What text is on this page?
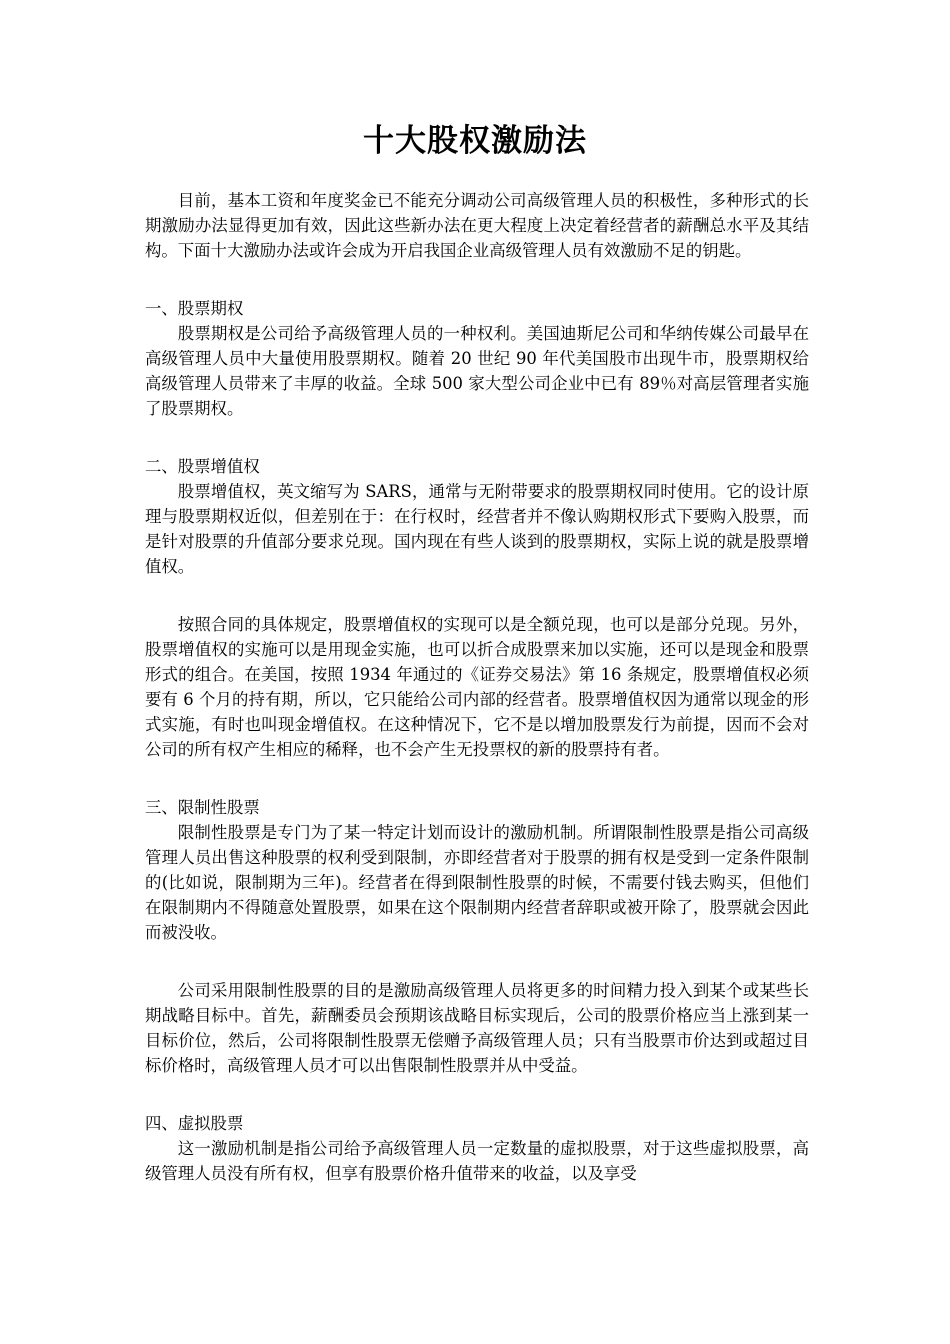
十大股权激励法

目前，基本工资和年度奖金已不能充分调动公司高级管理人员的积极性，多种形式的长期激励办法显得更加有效，因此这些新办法在更大程度上决定着经营者的薪酬总水平及其结构。下面十大激励办法或许会成为开启我国企业高级管理人员有效激励不足的钥匙。

一、股票期权

股票期权是公司给予高级管理人员的一种权利。美国迪斯尼公司和华纳传媒公司最早在高级管理人员中大量使用股票期权。随着 20 世纪 90 年代美国股市出现牛市，股票期权给高级管理人员带来了丰厚的收益。全球 500 家大型公司企业中已有 89％对高层管理者实施了股票期权。

二、股票增值权

股票增值权，英文缩写为 SARS，通常与无附带要求的股票期权同时使用。它的设计原理与股票期权近似，但差别在于：在行权时，经营者并不像认购期权形式下要购入股票，而是针对股票的升值部分要求兑现。国内现在有些人谈到的股票期权，实际上说的就是股票增值权。

按照合同的具体规定，股票增值权的实现可以是全额兑现，也可以是部分兑现。另外，股票增值权的实施可以是用现金实施，也可以折合成股票来加以实施，还可以是现金和股票形式的组合。在美国，按照 1934 年通过的《证券交易法》第 16 条规定，股票增值权必须要有 6 个月的持有期，所以，它只能给公司内部的经营者。股票增值权因为通常以现金的形式实施，有时也叫现金增值权。在这种情况下，它不是以增加股票发行为前提，因而不会对公司的所有权产生相应的稀释，也不会产生无投票权的新的股票持有者。

三、限制性股票

限制性股票是专门为了某一特定计划而设计的激励机制。所谓限制性股票是指公司高级管理人员出售这种股票的权利受到限制，亦即经营者对于股票的拥有权是受到一定条件限制的(比如说，限制期为三年)。经营者在得到限制性股票的时候，不需要付钱去购买，但他们在限制期内不得随意处置股票，如果在这个限制期内经营者辞职或被开除了，股票就会因此而被没收。

公司采用限制性股票的目的是激励高级管理人员将更多的时间精力投入到某个或某些长期战略目标中。首先，薪酬委员会预期该战略目标实现后，公司的股票价格应当上涨到某一目标价位，然后，公司将限制性股票无偿赠予高级管理人员；只有当股票市价达到或超过目标价格时，高级管理人员才可以出售限制性股票并从中受益。

四、虚拟股票

这一激励机制是指公司给予高级管理人员一定数量的虚拟股票，对于这些虚拟股票，高级管理人员没有所有权，但享有股票价格升值带来的收益，以及享受
